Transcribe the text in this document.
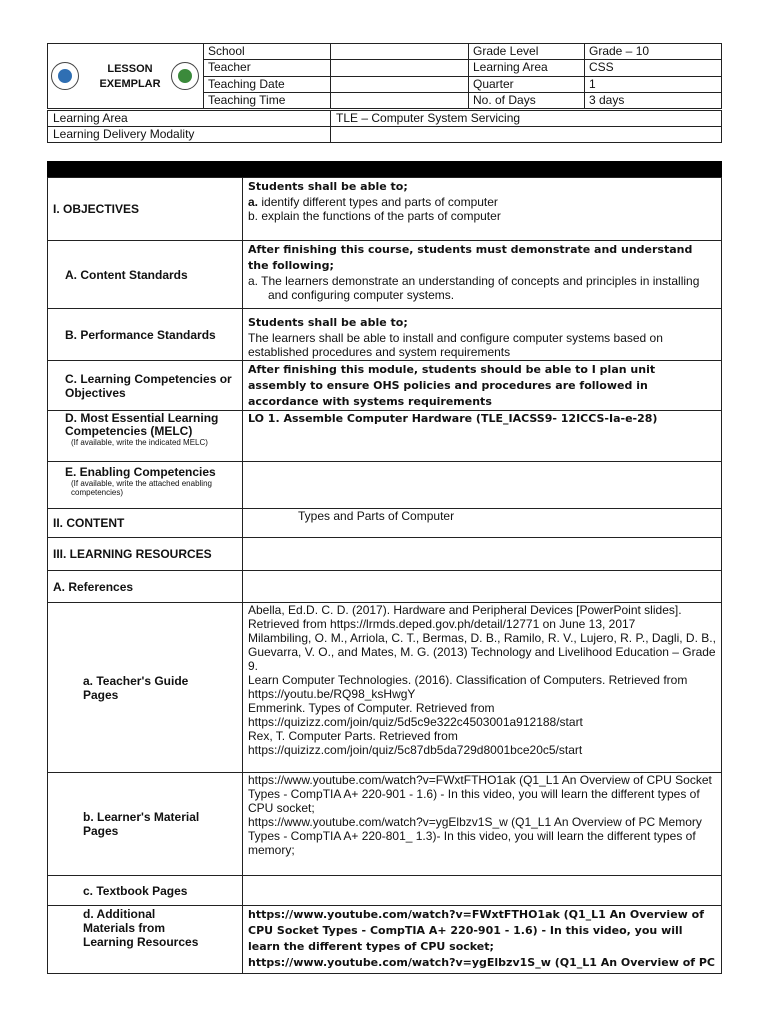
LESSON
EXEMPLAR	School		Grade Level	Grade – 10
	Teacher		Learning Area	CSS
	Teaching Date		Quarter	1
	Teaching Time		No. of Days	3 days
Learning Area	TLE – Computer System Servicing
Learning Delivery Modality	
I. OBJECTIVES	Students shall be able to;
a. identify different types and parts of computer
b. explain the functions of the parts of computer

A. Content Standards	After finishing this course, students must demonstrate and understand the following;
a. The learners demonstrate an understanding of concepts and principles in installing and configuring computer systems.

B. Performance Standards	Students shall be able to;
The learners shall be able to install and configure computer systems based on established procedures and system requirements

C. Learning Competencies or Objectives	After finishing this module, students should be able to I plan unit assembly to ensure OHS policies and procedures are followed in accordance with systems requirements

D. Most Essential Learning Competencies (MELC)
(If available, write the indicated MELC)	LO 1. Assemble Computer Hardware (TLE_IACSS9- 12ICCS-Ia-e-28)

E. Enabling Competencies
(If available, write the attached enabling competencies)	

II. CONTENT	Types and Parts of Computer

III. LEARNING RESOURCES	
A. References	

a. Teacher's Guide Pages	Abella, Ed.D. C. D. (2017). Hardware and Peripheral Devices [PowerPoint slides]. Retrieved from https://lrmds.deped.gov.ph/detail/12771 on June 13, 2017
Milambiling, O. M., Arriola, C. T., Bermas, D. B., Ramilo, R. V., Lujero, R. P., Dagli, D. B., Guevarra, V. O., and Mates, M. G. (2013) Technology and Livelihood Education – Grade 9.
Learn Computer Technologies. (2016). Classification of Computers. Retrieved from https://youtu.be/RQ98_ksHwgY
Emmerink. Types of Computer. Retrieved from https://quizizz.com/join/quiz/5d5c9e322c4503001a912188/start
Rex, T. Computer Parts. Retrieved from https://quizizz.com/join/quiz/5c87db5da729d8001bce20c5/start

b. Learner's Material Pages	https://www.youtube.com/watch?v=FWxtFTHO1ak (Q1_L1 An Overview of CPU Socket Types - CompTIA A+ 220-901 - 1.6) - In this video, you will learn the different types of CPU socket;
https://www.youtube.com/watch?v=ygElbzv1S_w (Q1_L1 An Overview of PC Memory Types - CompTIA A+ 220-801_ 1.3)- In this video, you will learn the different types of memory;

c. Textbook Pages	

d. Additional Materials from Learning Resources	https://www.youtube.com/watch?v=FWxtFTHO1ak (Q1_L1 An Overview of CPU Socket Types - CompTIA A+ 220-901 - 1.6) - In this video, you will learn the different types of CPU socket;
https://www.youtube.com/watch?v=ygElbzv1S_w (Q1_L1 An Overview of PC
